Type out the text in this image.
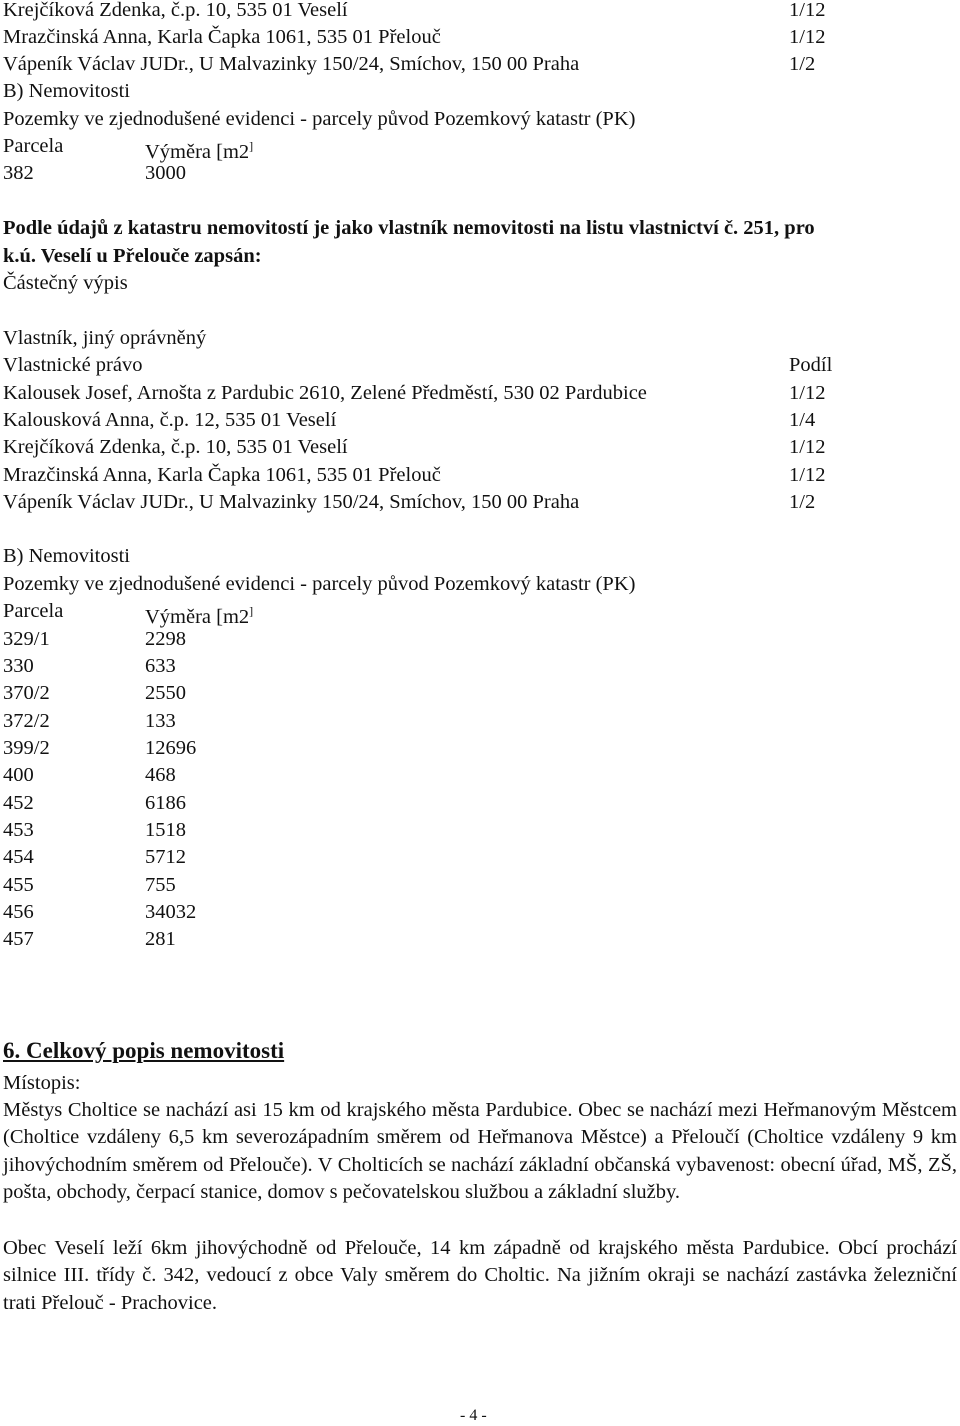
Krejčíková Zdenka, č.p. 10, 535 01 Veselí	1/12
Mrazčinská Anna, Karla Čapka 1061, 535 01 Přelouč	1/12
Vápeník Václav JUDr., U Malvazinky 150/24, Smíchov, 150 00 Praha	1/2
B) Nemovitosti
Pozemky ve zjednodušené evidenci - parcely původ Pozemkový katastr (PK)
Parcela	Výměra [m2]
382	3000
Podle údajů z katastru nemovitostí je jako vlastník nemovitosti na listu vlastnictví č. 251, pro
k.ú. Veselí u Přelouče zapsán:
Částečný výpis
Vlastník, jiný oprávněný
Vlastnické právo	Podíl
Kalousek Josef, Arnošta z Pardubic 2610, Zelené Předměstí, 530 02 Pardubice	1/12
Kalousková Anna, č.p. 12, 535 01 Veselí	1/4
Krejčíková Zdenka, č.p. 10, 535 01 Veselí	1/12
Mrazčinská Anna, Karla Čapka 1061, 535 01 Přelouč	1/12
Vápeník Václav JUDr., U Malvazinky 150/24, Smíchov, 150 00 Praha	1/2
B) Nemovitosti
Pozemky ve zjednodušené evidenci - parcely původ Pozemkový katastr (PK)
Parcela	Výměra [m2]
329/1	2298
330	633
370/2	2550
372/2	133
399/2	12696
400	468
452	6186
453	1518
454	5712
455	755
456	34032
457	281
6. Celkový popis nemovitosti
Místopis:
Městys Choltice se nachází asi 15 km od krajského města Pardubice. Obec se nachází mezi Heřmanovým Městcem (Choltice vzdáleny 6,5 km severozápadním směrem od Heřmanova Městce) a Přeloučí (Choltice vzdáleny 9 km jihovýchodním směrem od Přelouče). V Cholticích se nachází základní občanská vybavenost: obecní úřad, MŠ, ZŠ, pošta, obchody, čerpací stanice, domov s pečovatelskou službou a základní služby.
Obec Veselí leží 6km jihovýchodně od Přelouče, 14 km západně od krajského města Pardubice. Obcí prochází silnice III. třídy č. 342, vedoucí z obce Valy směrem do Choltic. Na jižním okraji se nachází zastávka železniční trati Přelouč - Prachovice.
- 4 -
